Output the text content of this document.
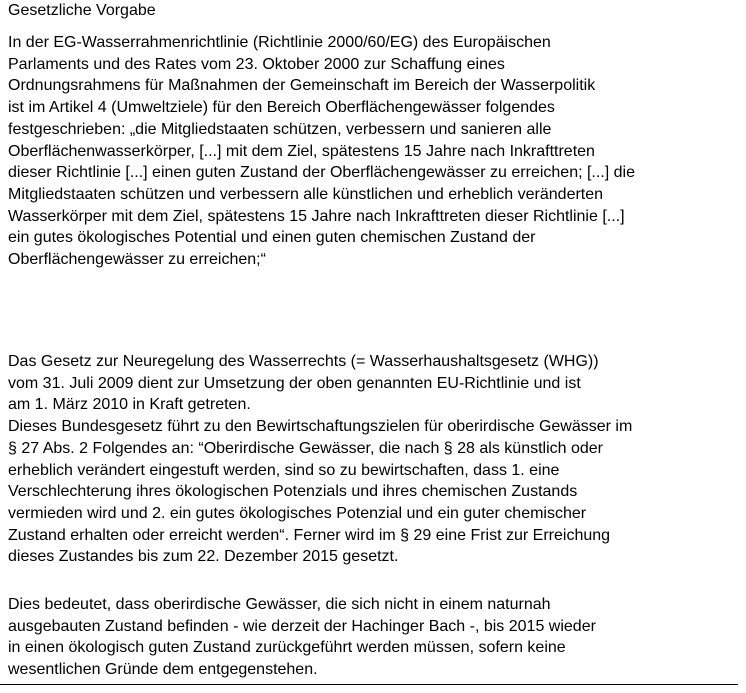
Gesetzliche Vorgabe
In der EG-Wasserrahmenrichtlinie (Richtlinie 2000/60/EG) des Europäischen
Parlaments und des Rates vom 23. Oktober 2000 zur Schaffung eines
Ordnungsrahmens für Maßnahmen der Gemeinschaft im Bereich der Wasserpolitik
ist im Artikel 4 (Umweltziele) für den Bereich Oberflächengewässer folgendes
festgeschrieben: „die Mitgliedstaaten schützen, verbessern und sanieren alle
Oberflächenwasserkörper, [...] mit dem Ziel, spätestens 15 Jahre nach Inkrafttreten
dieser Richtlinie [...] einen guten Zustand der Oberflächengewässer zu erreichen; [...] die
Mitgliedstaaten schützen und verbessern alle künstlichen und erheblich veränderten
Wasserkörper mit dem Ziel, spätestens 15 Jahre nach Inkrafttreten dieser Richtlinie [...]
ein gutes ökologisches Potential und einen guten chemischen Zustand der
Oberflächengewässer zu erreichen;“
Das Gesetz zur Neuregelung des Wasserrechts (= Wasserhaushaltsgesetz (WHG))
vom 31. Juli 2009 dient zur Umsetzung der oben genannten EU-Richtlinie und ist
am 1. März 2010 in Kraft getreten.
Dieses Bundesgesetz führt zu den Bewirtschaftungszielen für oberirdische Gewässer im
§ 27 Abs. 2 Folgendes an: “Oberirdische Gewässer, die nach § 28 als künstlich oder
erheblich verändert eingestuft werden, sind so zu bewirtschaften, dass 1. eine
Verschlechterung ihres ökologischen Potenzials und ihres chemischen Zustands
vermieden wird und 2. ein gutes ökologisches Potenzial und ein guter chemischer
Zustand erhalten oder erreicht werden“. Ferner wird im § 29 eine Frist zur Erreichung
dieses Zustandes bis zum 22. Dezember 2015 gesetzt.
Dies bedeutet, dass oberirdische Gewässer, die sich nicht in einem naturnah
ausgebauten Zustand befinden - wie derzeit der Hachinger Bach -, bis 2015 wieder
in einen ökologisch guten Zustand zurückgeführt werden müssen, sofern keine
wesentlichen Gründe dem entgegenstehen.
